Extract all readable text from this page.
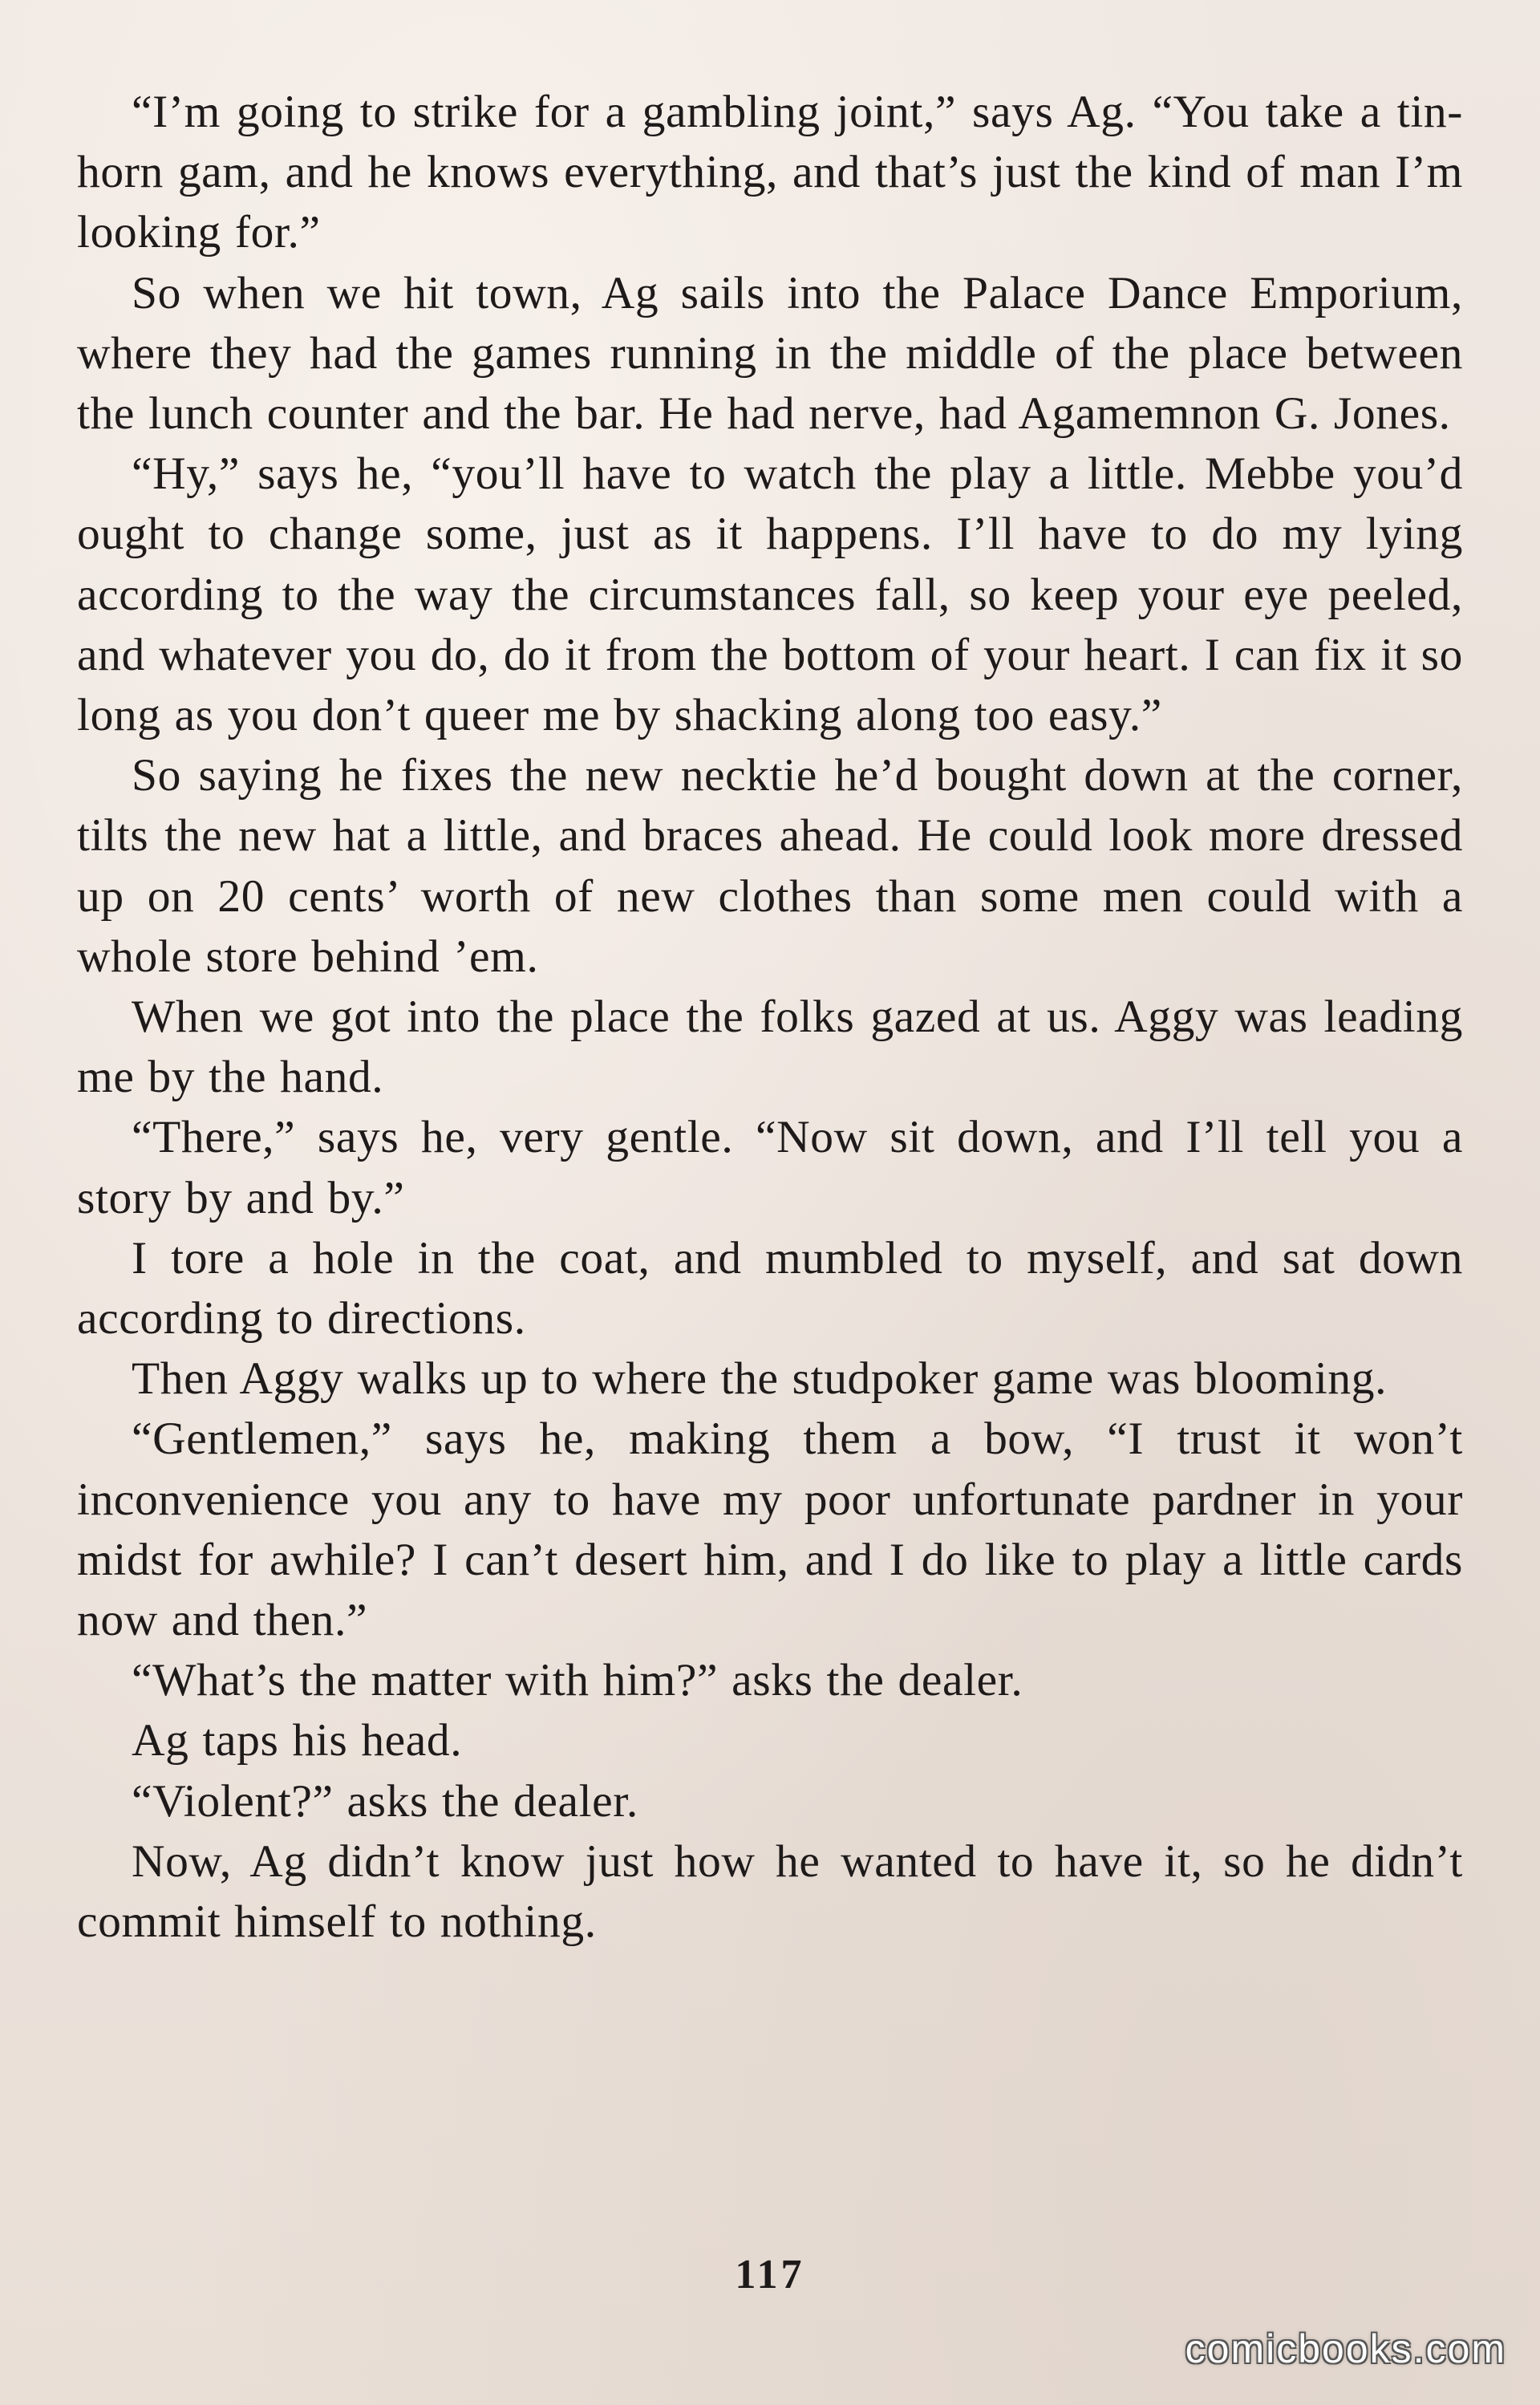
“I’m going to strike for a gambling joint,” says Ag. “You take a tin-horn gam, and he knows everything, and that’s just the kind of man I’m looking for.”

So when we hit town, Ag sails into the Palace Dance Emporium, where they had the games running in the middle of the place between the lunch counter and the bar. He had nerve, had Agamemnon G. Jones.

“Hy,” says he, “you’ll have to watch the play a little. Mebbe you’d ought to change some, just as it happens. I’ll have to do my lying according to the way the circumstances fall, so keep your eye peeled, and whatever you do, do it from the bottom of your heart. I can fix it so long as you don’t queer me by shacking along too easy.”

So saying he fixes the new necktie he’d bought down at the corner, tilts the new hat a little, and braces ahead. He could look more dressed up on 20 cents’ worth of new clothes than some men could with a whole store behind ’em.

When we got into the place the folks gazed at us. Aggy was leading me by the hand.

“There,” says he, very gentle. “Now sit down, and I’ll tell you a story by and by.”

I tore a hole in the coat, and mumbled to myself, and sat down according to directions.

Then Aggy walks up to where the studpoker game was blooming.

“Gentlemen,” says he, making them a bow, “I trust it won’t inconvenience you any to have my poor unfortunate pardner in your midst for awhile? I can’t desert him, and I do like to play a little cards now and then.”

“What’s the matter with him?” asks the dealer.

Ag taps his head.

“Violent?” asks the dealer.

Now, Ag didn’t know just how he wanted to have it, so he didn’t commit himself to nothing.

117
comicbooks.com
